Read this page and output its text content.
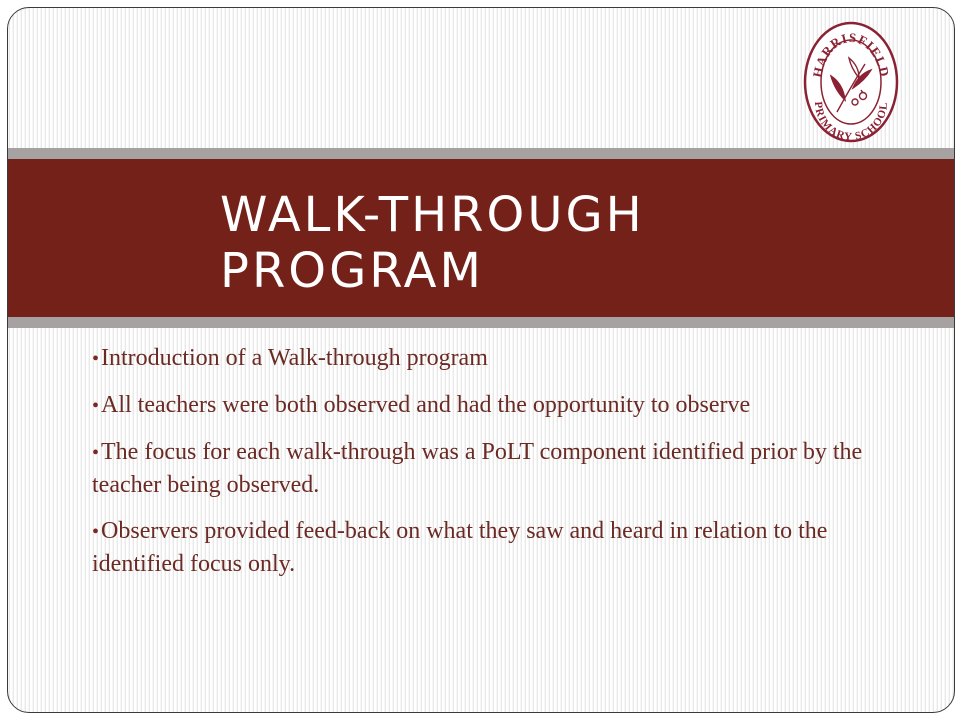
HARRISFIELD
PRIMARY SCHOOL
WALK-THROUGH PROGRAM
•Introduction of a Walk-through program
•All teachers were both observed and had the opportunity to observe
•The focus for each walk-through was a PoLT component identified prior by the teacher being observed.
•Observers provided feed-back on what they saw and heard in relation to the identified focus only.
